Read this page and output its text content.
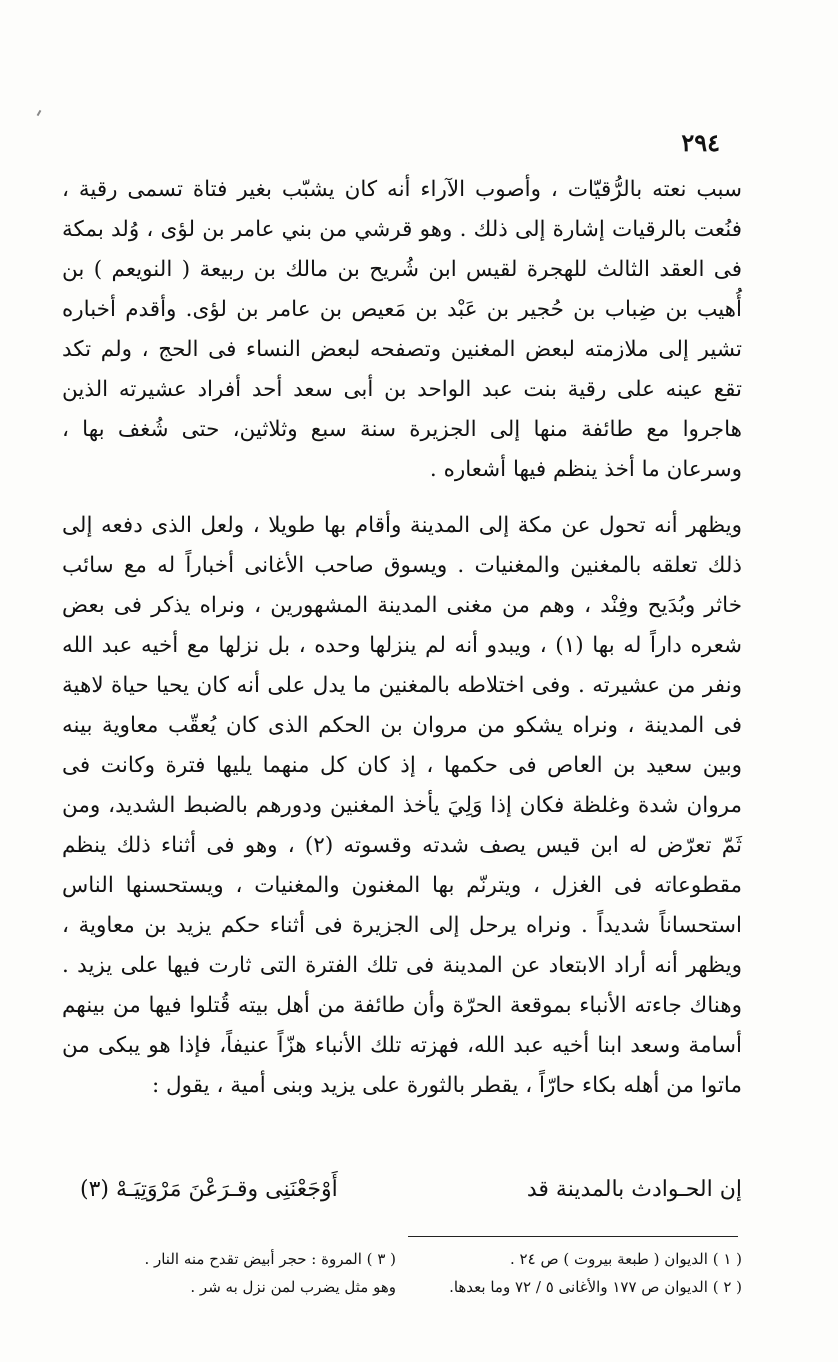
٢٩٤

سبب نعته بالرُّقيّات ، وأصوب الآراء أنه كان يشبّب بغير فتاة تسمى رقية ، فنُعت بالرقيات إشارة إلى ذلك . وهو قرشي من بني عامر بن لؤى ، وُلد بمكة فى العقد الثالث للهجرة لقيس ابن شُريح بن مالك بن ربيعة ( النويعم ) بن أُهيب بن ضِباب بن حُجير بن عَبْد بن مَعيص بن عامر بن لؤى. وأقدم أخباره تشير إلى ملازمته لبعض المغنين وتصفحه لبعض النساء فى الحج ، ولم تكد تقع عينه على رقية بنت عبد الواحد بن أبى سعد أحد أفراد عشيرته الذين هاجروا مع طائفة منها إلى الجزيرة سنة سبع وثلاثين، حتى شُغف بها ، وسرعان ما أخذ ينظم فيها أشعاره .

ويظهر أنه تحول عن مكة إلى المدينة وأقام بها طويلا ، ولعل الذى دفعه إلى ذلك تعلقه بالمغنين والمغنيات . ويسوق صاحب الأغانى أخباراً له مع سائب خاثر وبُدَيح وفِنْد ، وهم من مغنى المدينة المشهورين ، ونراه يذكر فى بعض شعره داراً له بها (١) ، ويبدو أنه لم ينزلها وحده ، بل نزلها مع أخيه عبد الله ونفر من عشيرته . وفى اختلاطه بالمغنين ما يدل على أنه كان يحيا حياة لاهية فى المدينة ، ونراه يشكو من مروان بن الحكم الذى كان يُعقّب معاوية بينه وبين سعيد بن العاص فى حكمها ، إذ كان كل منهما يليها فترة وكانت فى مروان شدة وغلظة فكان إذا وَلِيَ يأخذ المغنين ودورهم بالضبط الشديد، ومن ثَمّ تعرّض له ابن قيس يصف شدته وقسوته (٢) ، وهو فى أثناء ذلك ينظم مقطوعاته فى الغزل ، ويترنّم بها المغنون والمغنيات ، ويستحسنها الناس استحساناً شديداً . ونراه يرحل إلى الجزيرة فى أثناء حكم يزيد بن معاوية ، ويظهر أنه أراد الابتعاد عن المدينة فى تلك الفترة التى ثارت فيها على يزيد . وهناك جاءته الأنباء بموقعة الحرّة وأن طائفة من أهل بيته قُتلوا فيها من بينهم أسامة وسعد ابنا أخيه عبد الله، فهزته تلك الأنباء هزّاً عنيفاً، فإذا هو يبكى من ماتوا من أهله بكاء حارّاً ، يقطر بالثورة على يزيد وبنى أمية ، يقول :

إن الحـوادث بالمدينة قد
أَوْجَعْنَنِى وقـرَعْنَ مَرْوَتِيَـهْ (٣)
( ١ ) الديوان ( طبعة بيروت ) ص ٢٤ .
( ٢ ) الديوان ص ١٧٧ والأغانى ٥ / ٧٢ وما بعدها.
( ٣ ) المروة : حجر أبيض تقدح منه النار .
وهو مثل يضرب لمن نزل به شر .
